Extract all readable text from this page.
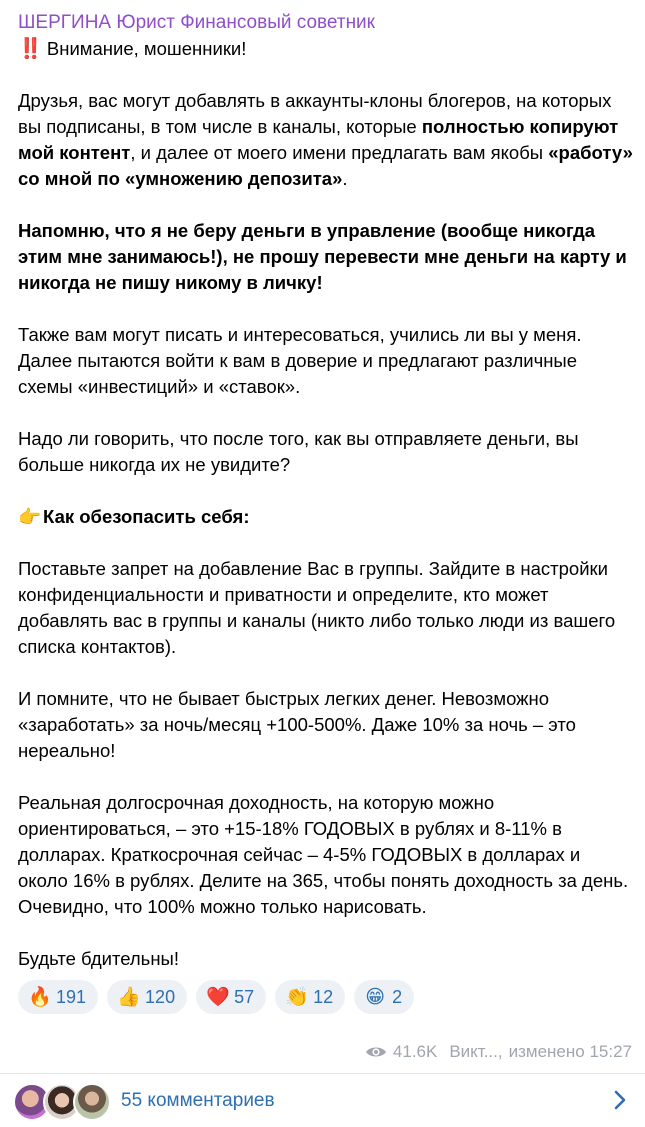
ШЕРГИНА Юрист Финансовый советник

‼️ Внимание, мошенники!

Друзья, вас могут добавлять в аккаунты-клоны блогеров, на которых вы подписаны, в том числе в каналы, которые полностью копируют мой контент, и далее от моего имени предлагать вам якобы «работу» со мной по «умножению депозита».

Напомню, что я не беру деньги в управление (вообще никогда этим мне занимаюсь!), не прошу перевести мне деньги на карту и никогда не пишу никому в личку!

Также вам могут писать и интересоваться, учились ли вы у меня. Далее пытаются войти к вам в доверие и предлагают различные схемы «инвестиций» и «ставок».

Надо ли говорить, что после того, как вы отправляете деньги, вы больше никогда их не увидите?

👉 Как обезопасить себя:

Поставьте запрет на добавление Вас в группы. Зайдите в настройки конфиденциальности и приватности и определите, кто может добавлять вас в группы и каналы (никто либо только люди из вашего списка контактов).

И помните, что не бывает быстрых легких денег. Невозможно «заработать» за ночь/месяц +100-500%. Даже 10% за ночь – это нереально!

Реальная долгосрочная доходность, на которую можно ориентироваться, – это +15-18% ГОДОВЫХ в рублях и 8-11% в долларах. Краткосрочная сейчас – 4-5% ГОДОВЫХ в долларах и около 16% в рублях. Делите на 365, чтобы понять доходность за день. Очевидно, что 100% можно только нарисовать.

Будьте бдительны!

🔥 191 👍 120 ❤️ 57 👏 12 😁 2
41.6K Викт..., изменено 15:27
55 комментариев
